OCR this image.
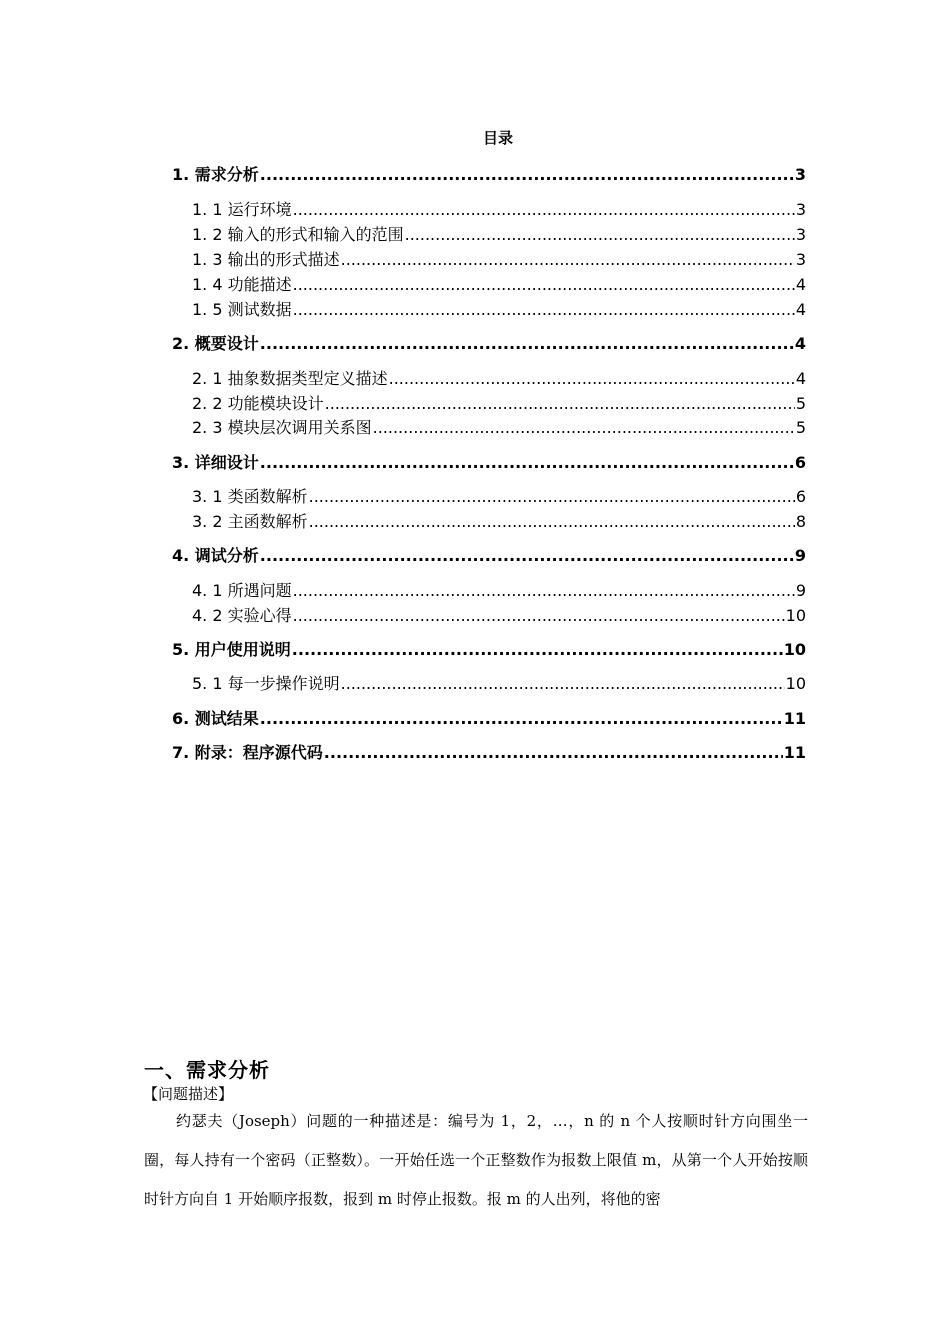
目录
1. 需求分析 .....	3
1. 1 运行环境 .....	3
1. 2 输入的形式和输入的范围 .....	3
1. 3 输出的形式描述 .....	3
1. 4 功能描述 .....	4
1. 5 测试数据 .....	4
2. 概要设计 .....	4
2. 1 抽象数据类型定义描述 .....	4
2. 2 功能模块设计 .....	5
2. 3 模块层次调用关系图 .....	5
3. 详细设计 .....	6
3. 1 类函数解析 .....	6
3. 2 主函数解析 .....	8
4. 调试分析 .....	9
4. 1 所遇问题 .....	9
4. 2 实验心得 .....	10
5. 用户使用说明 .....	10
5. 1 每一步操作说明 .....	10
6. 测试结果 .....	11
7. 附录：程序源代码 .....	11
一、需求分析
【问题描述】
约瑟夫（Joseph）问题的一种描述是：编号为 1，2，…，n 的 n 个人按顺时针方向围坐一圈，每人持有一个密码（正整数）。一开始任选一个正整数作为报数上限值 m，从第一个人开始按顺时针方向自 1 开始顺序报数，报到 m 时停止报数。报 m 的人出列，将他的密
